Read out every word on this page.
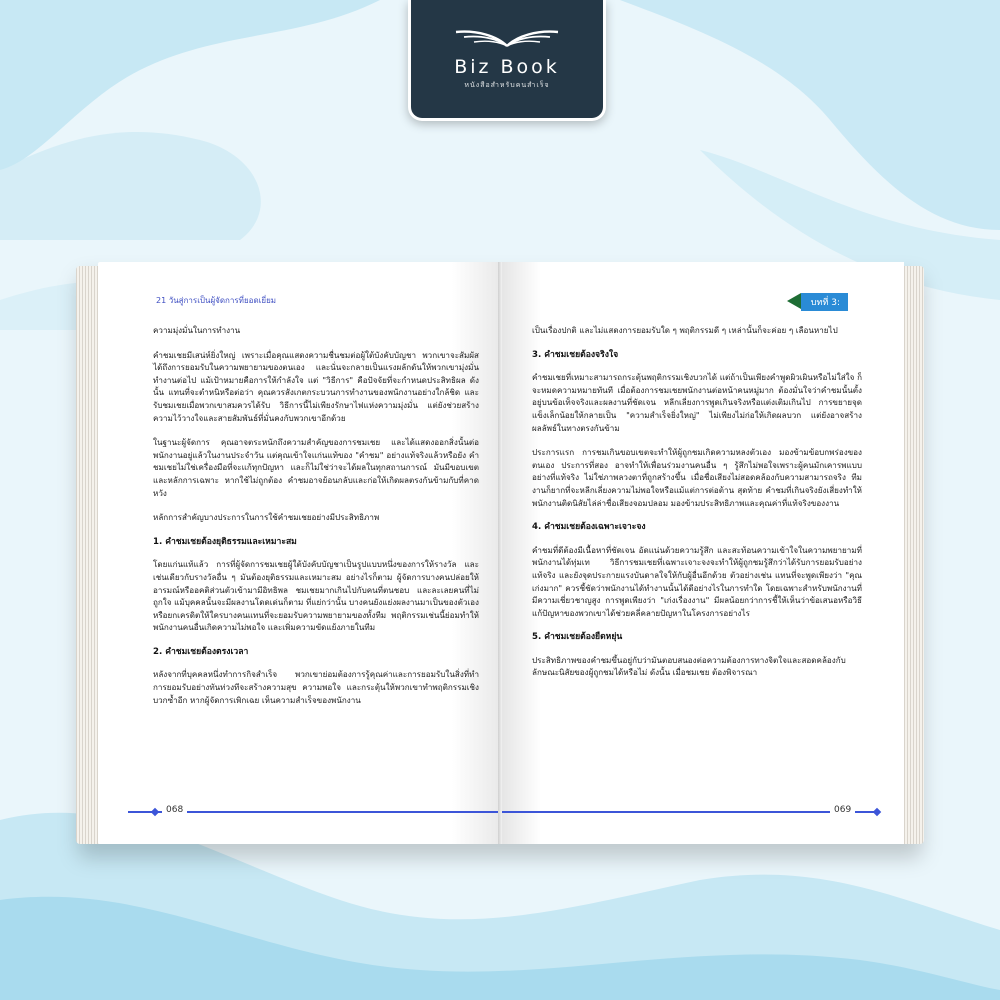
Biz Book
หนังสือสำหรับคนสำเร็จ
21 วันสู่การเป็นผู้จัดการที่ยอดเยี่ยม

ความมุ่งมั่นในการทำงาน

คำชมเชยมีเสน่ห์ยิ่งใหญ่ เพราะเมื่อคุณแสดงความชื่นชมต่อผู้ใต้บังคับบัญชา พวกเขาจะสัมผัสได้ถึงการยอมรับในความพยายามของตนเอง และนั่นจะกลายเป็นแรงผลักดันให้พวกเขามุ่งมั่นทำงานต่อไป แม้เป้าหมายคือการให้กำลังใจ แต่ "วิธีการ" คือปัจจัยที่จะกำหนดประสิทธิผล ดังนั้น แทนที่จะตำหนิหรือต่อว่า คุณควรสังเกตกระบวนการทำงานของพนักงานอย่างใกล้ชิด และรับชมเชยเมื่อพวกเขาสมควรได้รับ วิธีการนี้ไม่เพียงรักษาไฟแห่งความมุ่งมั่น แต่ยังช่วยสร้างความไว้วางใจและสายสัมพันธ์ที่มั่นคงกับพวกเขาอีกด้วย

ในฐานะผู้จัดการ คุณอาจตระหนักถึงความสำคัญของการชมเชย และได้แสดงออกสิ่งนั้นต่อพนักงานอยู่แล้วในงานประจำวัน แต่คุณเข้าใจแก่นแท้ของ "คำชม" อย่างแท้จริงแล้วหรือยัง คำชมเชยไม่ใช่เครื่องมือที่จะแก้ทุกปัญหา และก็ไม่ใช่ว่าจะได้ผลในทุกสถานการณ์ มันมีขอบเขตและหลักการเฉพาะ หากใช้ไม่ถูกต้อง คำชมอาจย้อนกลับและก่อให้เกิดผลตรงกันข้ามกับที่คาดหวัง

หลักการสำคัญบางประการในการใช้คำชมเชยอย่างมีประสิทธิภาพ

1. คำชมเชยต้องยุติธรรมและเหมาะสม

โดยแก่นแท้แล้ว การที่ผู้จัดการชมเชยผู้ใต้บังคับบัญชาเป็นรูปแบบหนึ่งของการให้รางวัล และเช่นเดียวกับรางวัลอื่น ๆ มันต้องยุติธรรมและเหมาะสม อย่างไรก็ตาม ผู้จัดการบางคนปล่อยให้อารมณ์หรืออคติส่วนตัวเข้ามามีอิทธิพล ชมเชยมากเกินไปกับคนที่ตนชอบ และละเลยคนที่ไม่ถูกใจ แม้บุคคลนั้นจะมีผลงานโดดเด่นก็ตาม ที่แย่กว่านั้น บางคนยังแย่งผลงานมาเป็นของตัวเอง หรือยกเครดิตให้ใครบางคนแทนที่จะยอมรับความพยายามของทั้งทีม พฤติกรรมเช่นนี้ย่อมทำให้พนักงานคนอื่นเกิดความไม่พอใจ และเพิ่มความขัดแย้งภายในทีม

2. คำชมเชยต้องตรงเวลา

หลังจากที่บุคคลหนึ่งทำการกิจสำเร็จ พวกเขาย่อมต้องการรู้คุณค่าและการยอมรับในสิ่งที่ทำ การยอมรับอย่างทันท่วงทีจะสร้างความสุข ความพอใจ และกระตุ้นให้พวกเขาทำพฤติกรรมเชิงบวกซ้ำอีก หากผู้จัดการเพิกเฉย เห็นความสำเร็จของพนักงาน

068
บทที่ 3:

เป็นเรื่องปกติ และไม่แสดงการยอมรับใด ๆ พฤติกรรมดี ๆ เหล่านั้นก็จะค่อย ๆ เลือนหายไป

3. คำชมเชยต้องจริงใจ

คำชมเชยที่เหมาะสามารถกระตุ้นพฤติกรรมเชิงบวกได้ แต่ถ้าเป็นเพียงคำพูดผิวเผินหรือไม่ใส่ใจ ก็จะหมดความหมายทันที เมื่อต้องการชมเชยพนักงานต่อหน้าคนหมู่มาก ต้องมั่นใจว่าคำชมนั้นตั้งอยู่บนข้อเท็จจริงและผลงานที่ชัดเจน หลีกเลี่ยงการพูดเกินจริงหรือแต่งเติมเกินไป การขยายจุดแข็งเล็กน้อยให้กลายเป็น "ความสำเร็จยิ่งใหญ่" ไม่เพียงไม่ก่อให้เกิดผลบวก แต่ยังอาจสร้างผลลัพธ์ในทางตรงกันข้าม

ประการแรก การชมเกินขอบเขตจะทำให้ผู้ถูกชมเกิดความหลงตัวเอง มองข้ามข้อบกพร่องของตนเอง ประการที่สอง อาจทำให้เพื่อนร่วมงานคนอื่น ๆ รู้สึกไม่พอใจเพราะผู้คนมักเคารพแบบอย่างที่แท้จริง ไม่ใช่ภาพลวงตาที่ถูกสร้างขึ้น เมื่อชื่อเสียงไม่สอดคล้องกับความสามารถจริง ทีมงานก็ยากที่จะหลีกเลี่ยงความไม่พอใจหรือแม้แต่การต่อต้าน สุดท้าย คำชมที่เกินจริงยังเสี่ยงทำให้พนักงานติดนิสัยไล่ล่าชื่อเสียงจอมปลอม มองข้ามประสิทธิภาพและคุณค่าที่แท้จริงของงาน

4. คำชมเชยต้องเฉพาะเจาะจง

คำชมที่ดีต้องมีเนื้อหาที่ชัดเจน อัดแน่นด้วยความรู้สึก และสะท้อนความเข้าใจในความพยายามที่พนักงานได้ทุ่มเท วิธีการชมเชยที่เฉพาะเจาะจงจะทำให้ผู้ถูกชมรู้สึกว่าได้รับการยอมรับอย่างแท้จริง และยังจุดประกายแรงบันดาลใจให้กับผู้อื่นอีกด้วย ตัวอย่างเช่น แทนที่จะพูดเพียงว่า "คุณเก่งมาก" ควรชี้ชัดว่าพนักงานได้ทำงานนั้นได้ดีอย่างไรในการทำใด โดยเฉพาะสำหรับพนักงานที่มีความเชี่ยวชาญสูง การพูดเพียงว่า "เก่งเรื่องงาน" มีผลน้อยกว่าการชี้ให้เห็นว่าข้อเสนอหรือวิธีแก้ปัญหาของพวกเขาได้ช่วยคลี่คลายปัญหาในโครงการอย่างไร

5. คำชมเชยต้องยืดหยุ่น

ประสิทธิภาพของคำชมขึ้นอยู่กับว่ามันตอบสนองต่อความต้องการทางจิตใจและสอดคล้องกับลักษณะนิสัยของผู้ถูกชมได้หรือไม่ ดังนั้น เมื่อชมเชย ต้องพิจารณา

069
